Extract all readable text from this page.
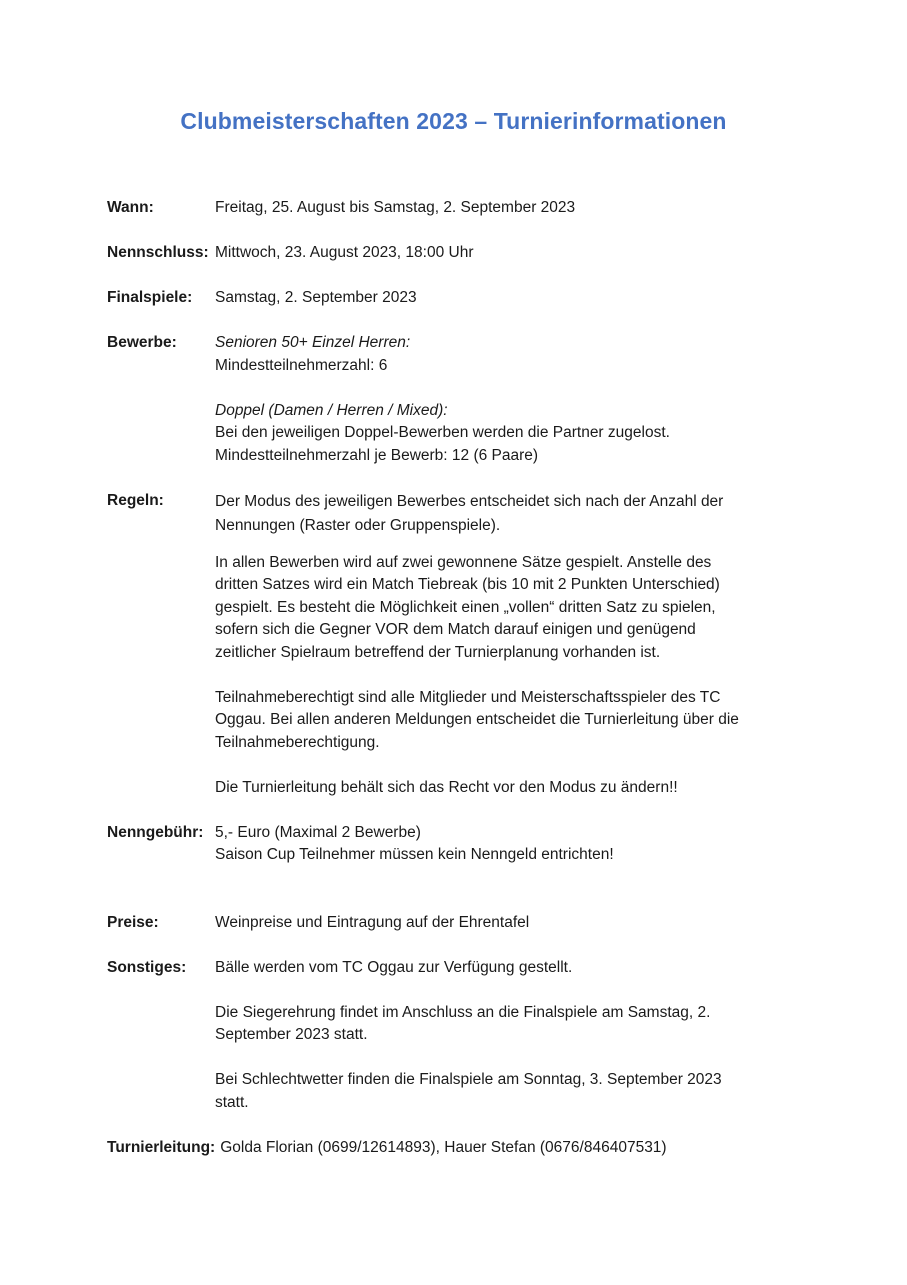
Clubmeisterschaften 2023 – Turnierinformationen
Wann:	Freitag, 25. August bis Samstag, 2. September 2023
Nennschluss: Mittwoch, 23. August 2023, 18:00 Uhr
Finalspiele:	Samstag, 2. September 2023
Bewerbe:	Senioren 50+ Einzel Herren:
Mindestteilnehmerzahl: 6
Doppel (Damen / Herren / Mixed):
Bei den jeweiligen Doppel-Bewerben werden die Partner zugelost.
Mindestteilnehmerzahl je Bewerb: 12 (6 Paare)
Regeln:	Der Modus des jeweiligen Bewerbes entscheidet sich nach der Anzahl der
Nennungen (Raster oder Gruppenspiele).
In allen Bewerben wird auf zwei gewonnene Sätze gespielt. Anstelle des
dritten Satzes wird ein Match Tiebreak (bis 10 mit 2 Punkten Unterschied)
gespielt. Es besteht die Möglichkeit einen „vollen“ dritten Satz zu spielen,
sofern sich die Gegner VOR dem Match darauf einigen und genügend
zeitlicher Spielraum betreffend der Turnierplanung vorhanden ist.
Teilnahmeberechtigt sind alle Mitglieder und Meisterschaftsspieler des TC
Oggau. Bei allen anderen Meldungen entscheidet die Turnierleitung über die
Teilnahmeberechtigung.
Die Turnierleitung behält sich das Recht vor den Modus zu ändern!!
Nenngebühr: 5,- Euro (Maximal 2 Bewerbe)
Saison Cup Teilnehmer müssen kein Nenngeld entrichten!
Preise:	Weinpreise und Eintragung auf der Ehrentafel
Sonstiges:	Bälle werden vom TC Oggau zur Verfügung gestellt.
Die Siegerehrung findet im Anschluss an die Finalspiele am Samstag, 2.
September 2023 statt.
Bei Schlechtwetter finden die Finalspiele am Sonntag, 3. September 2023
statt.
Turnierleitung: Golda Florian (0699/12614893), Hauer Stefan (0676/846407531)
